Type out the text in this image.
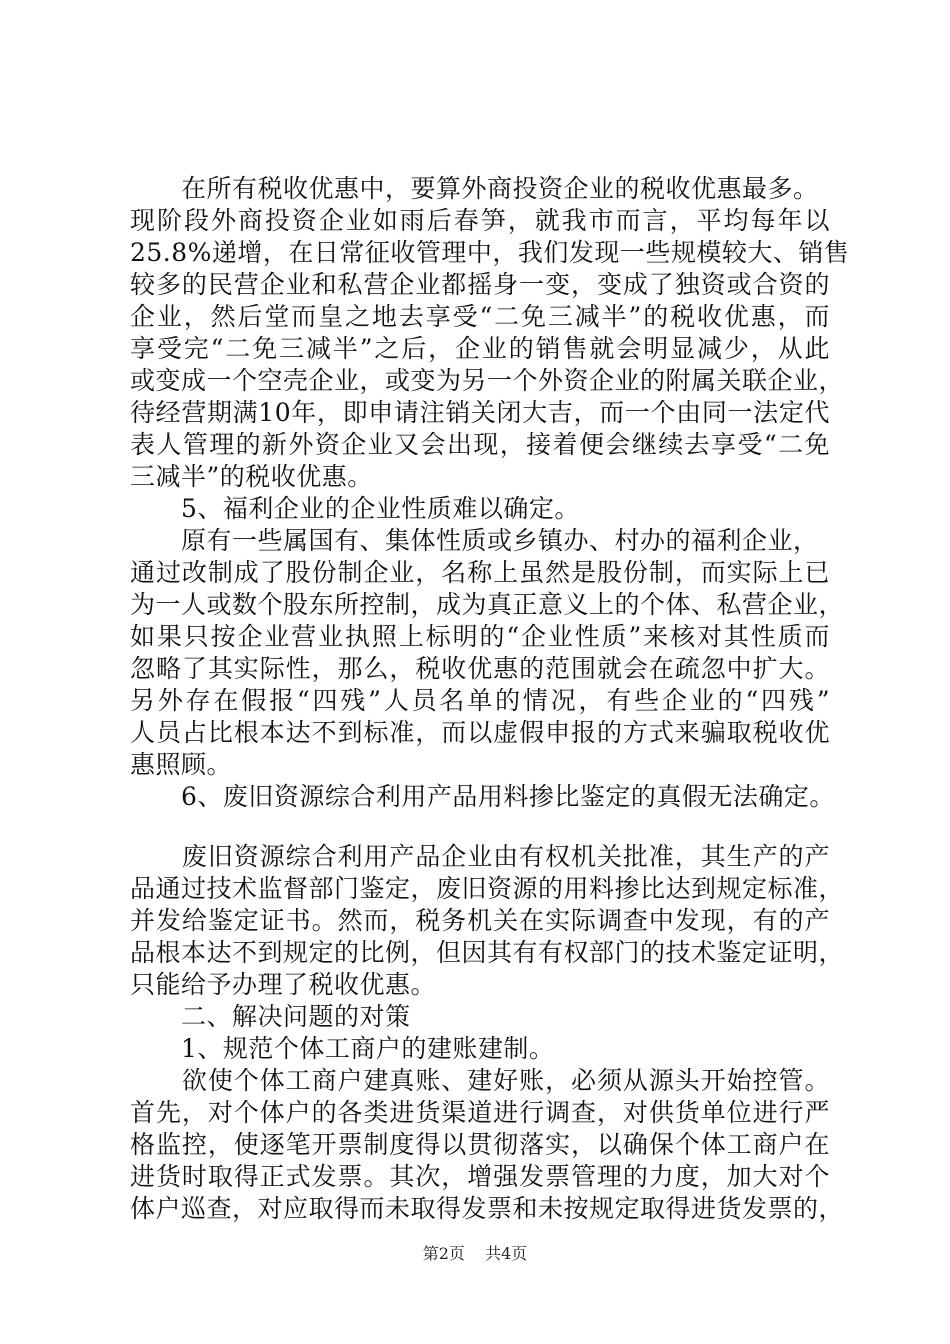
　　在所有税收优惠中，要算外商投资企业的税收优惠最多。
现阶段外商投资企业如雨后春笋，就我市而言，平均每年以
25.8%递增，在日常征收管理中，我们发现一些规模较大、销售
较多的民营企业和私营企业都摇身一变，变成了独资或合资的
企业，然后堂而皇之地去享受“二免三减半”的税收优惠，而
享受完“二免三减半”之后，企业的销售就会明显减少，从此
或变成一个空壳企业，或变为另一个外资企业的附属关联企业，
待经营期满10年，即申请注销关闭大吉，而一个由同一法定代
表人管理的新外资企业又会出现，接着便会继续去享受“二免
三减半”的税收优惠。
　　5、福利企业的企业性质难以确定。
　　原有一些属国有、集体性质或乡镇办、村办的福利企业，
通过改制成了股份制企业，名称上虽然是股份制，而实际上已
为一人或数个股东所控制，成为真正意义上的个体、私营企业，
如果只按企业营业执照上标明的“企业性质”来核对其性质而
忽略了其实际性，那么，税收优惠的范围就会在疏忽中扩大。
另外存在假报“四残”人员名单的情况，有些企业的“四残”
人员占比根本达不到标准，而以虚假申报的方式来骗取税收优
惠照顾。
　　6、废旧资源综合利用产品用料掺比鉴定的真假无法确定。
　　废旧资源综合利用产品企业由有权机关批准，其生产的产
品通过技术监督部门鉴定，废旧资源的用料掺比达到规定标准，
并发给鉴定证书。然而，税务机关在实际调查中发现，有的产
品根本达不到规定的比例，但因其有有权部门的技术鉴定证明，
只能给予办理了税收优惠。
　　二、解决问题的对策
　　1、规范个体工商户的建账建制。
　　欲使个体工商户建真账、建好账，必须从源头开始控管。
首先，对个体户的各类进货渠道进行调查，对供货单位进行严
格监控，使逐笔开票制度得以贯彻落实，以确保个体工商户在
进货时取得正式发票。其次，增强发票管理的力度，加大对个
体户巡查，对应取得而未取得发票和未按规定取得进货发票的，
第2页 共4页
